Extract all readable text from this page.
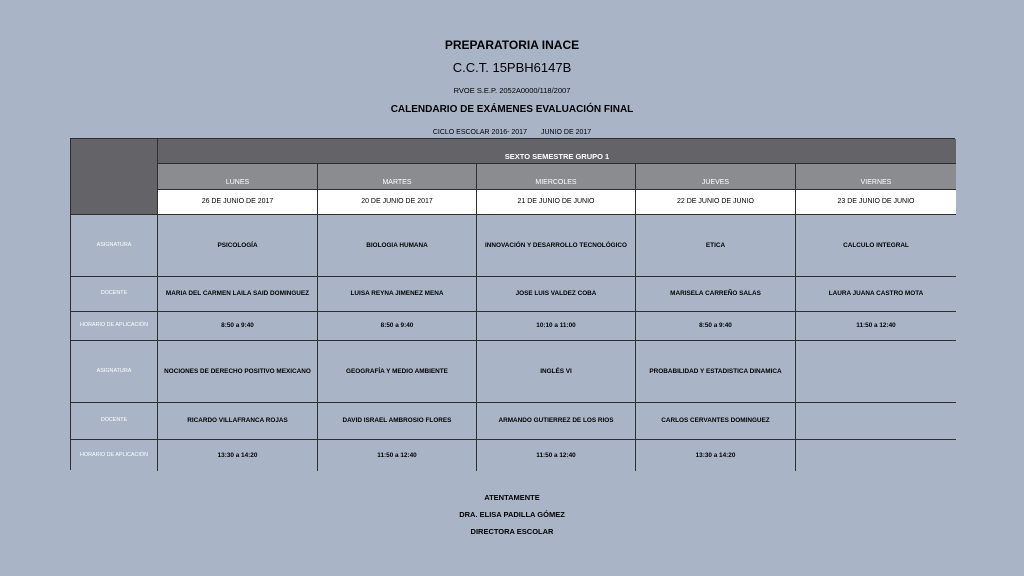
PREPARATORIA INACE
C.C.T. 15PBH6147B
RVOE S.E.P. 2052A0000/118/2007
CALENDARIO DE EXÁMENES EVALUACIÓN FINAL
CICLO ESCOLAR 2016- 2017 JUNIO DE 2017
SEXTO SEMESTRE GRUPO 1
LUNES	MARTES	MIERCOLES	JUEVES	VIERNES
26 DE JUNIO DE 2017	20 DE JUNIO DE 2017	21 DE JUNIO DE JUNIO	22 DE JUNIO DE JUNIO	23 DE JUNIO DE JUNIO
ASIGNATURA	PSICOLOGÍA	BIOLOGIA HUMANA	INNOVACIÓN Y DESARROLLO TECNOLÓGICO	ETICA	CALCULO INTEGRAL
DOCENTE	MARIA DEL CARMEN LAILA SAID DOMINGUEZ	LUISA REYNA JIMENEZ MENA	JOSE LUIS VALDEZ COBA	MARISELA CARREÑO SALAS	LAURA JUANA CASTRO MOTA
HORARIO DE APLICACIÓN	8:50 a 9:40	8:50 a 9:40	10:10 a 11:00	8:50 a 9:40	11:50 a 12:40
ASIGNATURA	NOCIONES DE DERECHO POSITIVO MEXICANO	GEOGRAFÍA Y MEDIO AMBIENTE	INGLÉS VI	PROBABILIDAD Y ESTADISTICA DINAMICA
DOCENTE	RICARDO VILLAFRANCA ROJAS	DAVID ISRAEL AMBROSIO FLORES	ARMANDO GUTIERREZ DE LOS RIOS	CARLOS CERVANTES DOMINGUEZ
HORARIO DE APLICACIÓN	13:30 a 14:20	11:50 a 12:40	11:50 a 12:40	13:30 a 14:20
ATENTAMENTE
DRA. ELISA PADILLA GÓMEZ
DIRECTORA ESCOLAR
